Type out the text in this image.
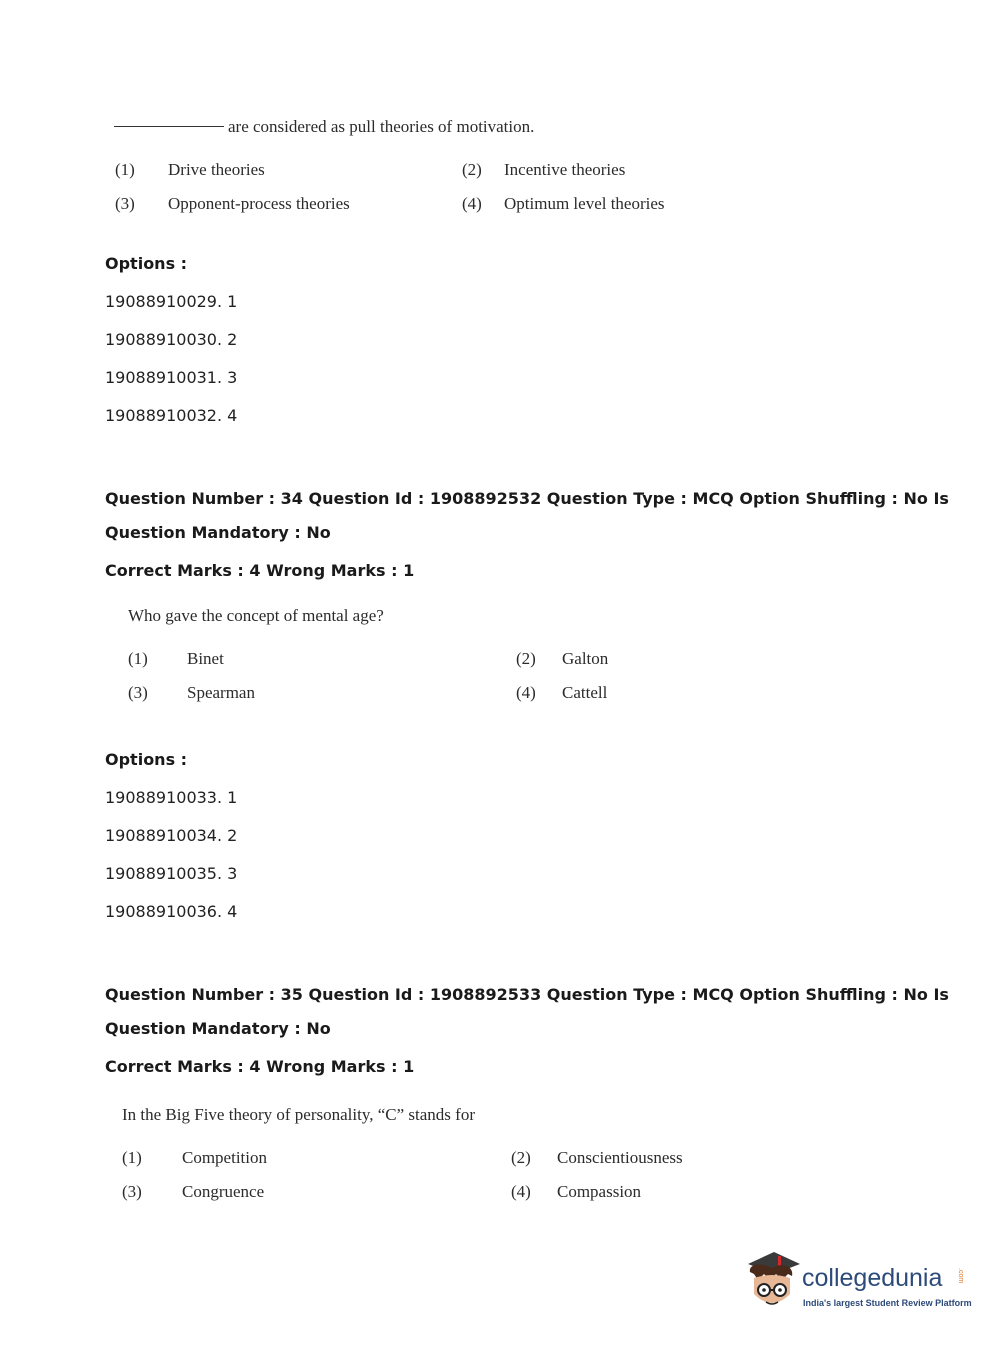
are considered as pull theories of motivation.
(1) Drive theories	(2) Incentive theories
(3) Opponent-process theories	(4) Optimum level theories
Options :
19088910029. 1
19088910030. 2
19088910031. 3
19088910032. 4
Question Number : 34 Question Id : 1908892532 Question Type : MCQ Option Shuffling : No Is
Question Mandatory : No
Correct Marks : 4 Wrong Marks : 1
Who gave the concept of mental age?
(1) Binet	(2) Galton
(3) Spearman	(4) Cattell
Options :
19088910033. 1
19088910034. 2
19088910035. 3
19088910036. 4
Question Number : 35 Question Id : 1908892533 Question Type : MCQ Option Shuffling : No Is
Question Mandatory : No
Correct Marks : 4 Wrong Marks : 1
In the Big Five theory of personality, “C” stands for
(1) Competition	(2) Conscientiousness
(3) Congruence	(4) Compassion
collegedunia .com
India's largest Student Review Platform
